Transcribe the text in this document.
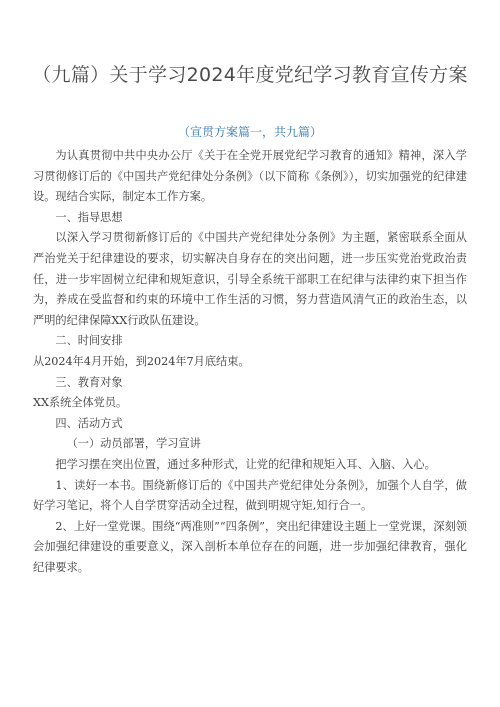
（九篇）关于学习2024年度党纪学习教育宣传方案
（宣贯方案篇一，共九篇）

为认真贯彻中共中央办公厅《关于在全党开展党纪学习教育的通知》精神，深入学习贯彻修订后的《中国共产党纪律处分条例》（以下简称《条例》），切实加强党的纪律建设。现结合实际，制定本工作方案。

一、指导思想

以深入学习贯彻新修订后的《中国共产党纪律处分条例》为主题，紧密联系全面从严治党关于纪律建设的要求，切实解决自身存在的突出问题，进一步压实党治党政治责任，进一步牢固树立纪律和规矩意识，引导全系统干部职工在纪律与法律约束下担当作为，养成在受监督和约束的环境中工作生活的习惯，努力营造风清气正的政治生态，以严明的纪律保障XX行政队伍建设。

二、时间安排

从2024年4月开始，到2024年7月底结束。

三、教育对象

XX系统全体党员。

四、活动方式

（一）动员部署，学习宣讲

把学习摆在突出位置，通过多种形式，让党的纪律和规矩入耳、入脑、入心。

1、读好一本书。围绕新修订后的《中国共产党纪律处分条例》，加强个人自学，做好学习笔记，将个人自学贯穿活动全过程，做到明规守矩,知行合一。

2、上好一堂党课。围绕“两准则”“四条例”，突出纪律建设主题上一堂党课，深刻领会加强纪律建设的重要意义，深入剖析本单位存在的问题，进一步加强纪律教育，强化纪律要求。
